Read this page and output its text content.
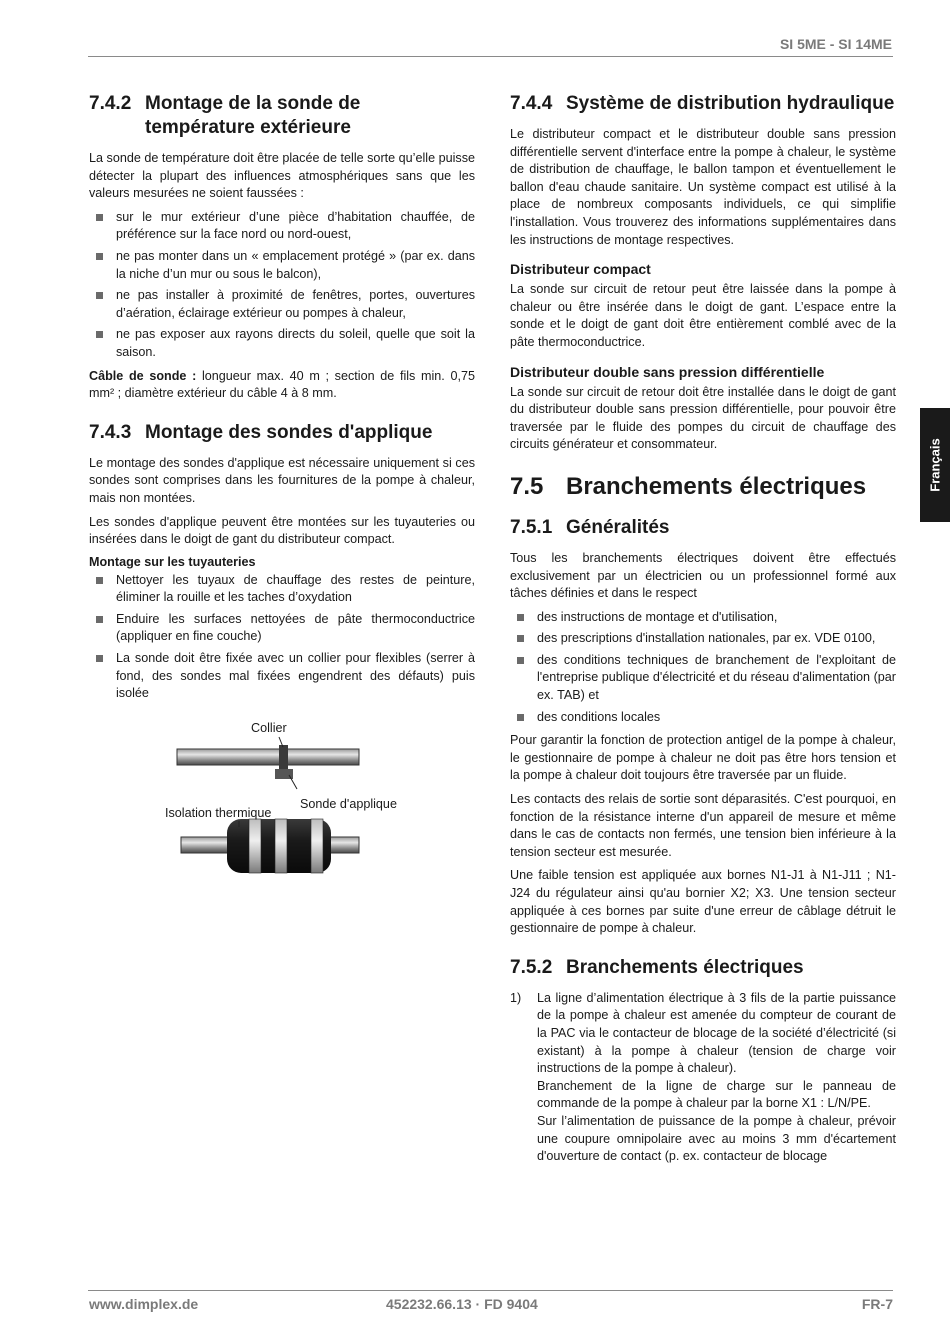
SI 5ME - SI 14ME
7.4.2 Montage de la sonde de température extérieure

La sonde de température doit être placée de telle sorte qu’elle puisse détecter la plupart des influences atmosphériques sans que les valeurs mesurées ne soient faussées :

sur le mur extérieur d’une pièce d’habitation chauffée, de préférence sur la face nord ou nord-ouest,
ne pas monter dans un « emplacement protégé » (par ex. dans la niche d’un mur ou sous le balcon),
ne pas installer à proximité de fenêtres, portes, ouvertures d’aération, éclairage extérieur ou pompes à chaleur,
ne pas exposer aux rayons directs du soleil, quelle que soit la saison.

Câble de sonde : longueur max. 40 m ; section de fils min. 0,75 mm² ; diamètre extérieur du câble 4 à 8 mm.

7.4.3 Montage des sondes d'applique

Le montage des sondes d'applique est nécessaire uniquement si ces sondes sont comprises dans les fournitures de la pompe à chaleur, mais non montées.

Les sondes d'applique peuvent être montées sur les tuyauteries ou insérées dans le doigt de gant du distributeur compact.

Montage sur les tuyauteries
Nettoyer les tuyaux de chauffage des restes de peinture, éliminer la rouille et les taches d’oxydation
Enduire les surfaces nettoyées de pâte thermoconductrice (appliquer en fine couche)
La sonde doit être fixée avec un collier pour flexibles (serrer à fond, des sondes mal fixées engendrent des défauts) puis isolée
Collier
Sonde d'applique
Isolation thermique
7.4.4 Système de distribution hydraulique

Le distributeur compact et le distributeur double sans pression différentielle servent d'interface entre la pompe à chaleur, le système de distribution de chauffage, le ballon tampon et éventuellement le ballon d'eau chaude sanitaire. Un système compact est utilisé à la place de nombreux composants individuels, ce qui simplifie l'installation. Vous trouverez des informations supplémentaires dans les instructions de montage respectives.

Distributeur compact

La sonde sur circuit de retour peut être laissée dans la pompe à chaleur ou être insérée dans le doigt de gant. L’espace entre la sonde et le doigt de gant doit être entièrement comblé avec de la pâte thermoconductrice.

Distributeur double sans pression différentielle

La sonde sur circuit de retour doit être installée dans le doigt de gant du distributeur double sans pression différentielle, pour pouvoir être traversée par le fluide des pompes du circuit de chauffage des circuits générateur et consommateur.

7.5 Branchements électriques
7.5.1 Généralités

Tous les branchements électriques doivent être effectués exclusivement par un électricien ou un professionnel formé aux tâches définies et dans le respect

des instructions de montage et d'utilisation,
des prescriptions d'installation nationales, par ex. VDE 0100,
des conditions techniques de branchement de l'exploitant de l'entreprise publique d'électricité et du réseau d'alimentation (par ex. TAB) et
des conditions locales

Pour garantir la fonction de protection antigel de la pompe à chaleur, le gestionnaire de pompe à chaleur ne doit pas être hors tension et la pompe à chaleur doit toujours être traversée par un fluide.

Les contacts des relais de sortie sont déparasités. C'est pourquoi, en fonction de la résistance interne d'un appareil de mesure et même dans le cas de contacts non fermés, une tension bien inférieure à la tension secteur est mesurée.

Une faible tension est appliquée aux bornes N1-J1 à N1-J11 ; N1-J24 du régulateur ainsi qu'au bornier X2; X3. Une tension secteur appliquée à ces bornes par suite d'une erreur de câblage détruit le gestionnaire de pompe à chaleur.

7.5.2 Branchements électriques
1) La ligne d’alimentation électrique à 3 fils de la partie puissance de la pompe à chaleur est amenée du compteur de courant de la PAC via le contacteur de blocage de la société d’électricité (si existant) à la pompe à chaleur (tension de charge voir instructions de la pompe à chaleur).
Branchement de la ligne de charge sur le panneau de commande de la pompe à chaleur par la borne X1 : L/N/PE.
Sur l’alimentation de puissance de la pompe à chaleur, prévoir une coupure omnipolaire avec au moins 3 mm d'écartement d'ouverture de contact (p. ex. contacteur de blocage
Français
www.dimplex.de	452232.66.13 · FD 9404	FR-7
